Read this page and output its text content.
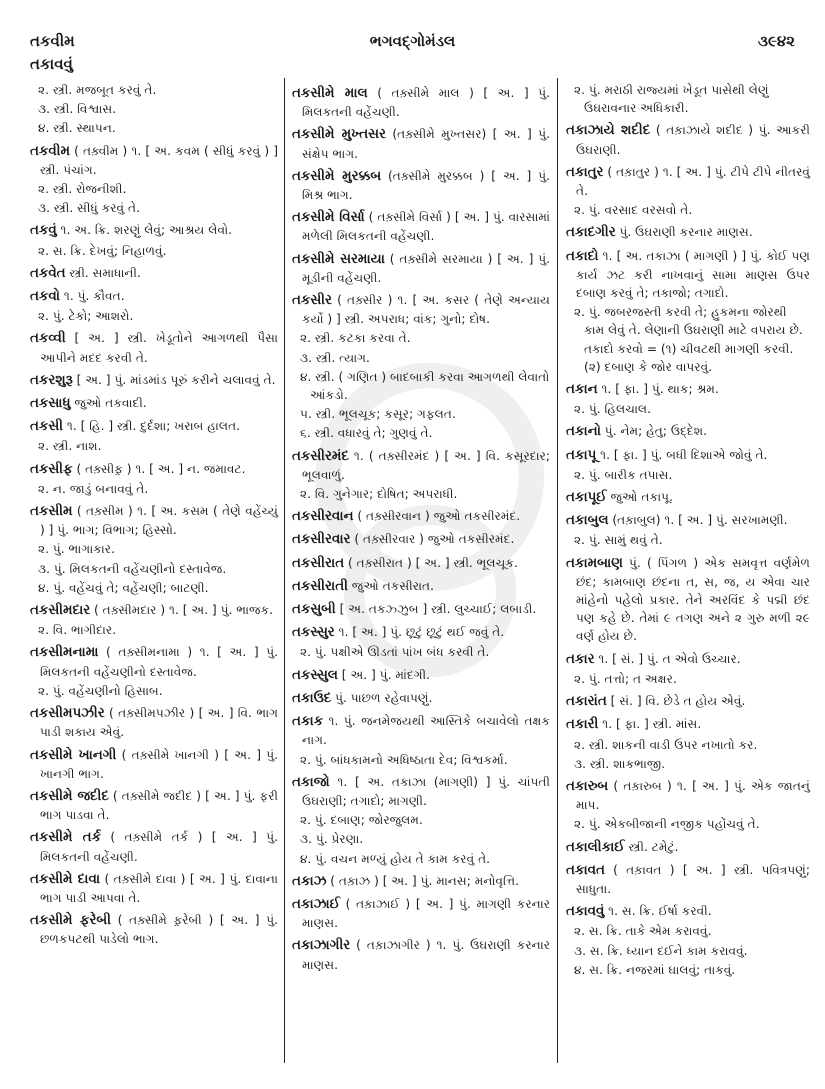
તકવીમ
તકાવવું
ભગવદ્ગોમંડલ	૩૯૪૨
૨. સ્ત્રી. મજબૂત કરવું તે.
૩. સ્ત્રી. વિશ્વાસ.
૪. સ્ત્રી. સ્થાપન.
તકવીમ ( તક઼્વીમ ) ૧. [ અ. કવમ ( સીધું કરવું ) ] સ્ત્રી. પંચાંગ.
૨. સ્ત્રી. રોજનીશી.
૩. સ્ત્રી. સીધું કરવું તે.
તકવું ૧. અ. ક્રિ. શરણું લેવું; આશ્રય લેવો.
૨. સ. ક્રિ. દેખવું; નિહાળવું.
તકવેત સ્ત્રી. સમાધાની.
તકવો ૧. પું. કૌવત.
૨. પું. ટેકો; આશરો.
તકવ્વી [ અ. ] સ્ત્રી. ખેડૂતોને આગળથી પૈસા આપીને મદદ કરવી તે.
તકરશુરૂ [ અ. ] પું. માંડમાંડ પૂરું કરીને ચલાવવું તે.
તકસાધુ જુઓ તકવાદી.
તકસી ૧. [ હિ. ] સ્ત્રી. દુર્દશા; ખરાબ હાલત.
૨. સ્ત્રી. નાશ.
તકસીફ ( તક઼્સીફ઼ ) ૧. [ અ. ] ન. જમાવટ.
૨. ન. જાડું બનાવવું તે.
તકસીમ ( તક઼્સીમ ) ૧. [ અ. કસમ ( તેણે વહેંચ્યું ) ] પું. ભાગ; વિભાગ; હિસ્સો.
૨. પું. ભાગાકાર.
૩. પું. મિલકતની વહેંચણીનો દસ્તાવેજ.
૪. પું. વહેંચવું તે; વહેંચણી; બાટણી.
તકસીમદાર ( તક઼્સીમદાર ) ૧. [ અ. ] પું. ભાજક.
૨. વિ. ભાગીદાર.
તકસીમનામા ( તક઼્સીમનામા ) ૧. [ અ. ] પું. મિલકતની વહેંચણીનો દસ્તાવેજ.
૨. પું. વહેંચણીનો હિસાબ.
તકસીમપઝીર ( તક઼્સીમપઝીર ) [ અ. ] વિ. ભાગ પાડી શકાય એવું.
તકસીમે ખાનગી ( તક઼્સીમે ખાનગી ) [ અ. ] પું. ખાનગી ભાગ.
તકસીમે જદીદ ( તક઼્સીમે જદીદ ) [ અ. ] પું. ફરી ભાગ પાડવા તે.
તકસીમે તર્ક ( તક઼્સીમે તર્ક ) [ અ. ] પું. મિલકતની વહેંચણી.
તકસીમે દાવા ( તક઼્સીમે દાવા ) [ અ. ] પું. દાવાના ભાગ પાડી આપવા તે.
તકસીમે ફરેબી ( તક઼્સીમે ફ઼રેબી ) [ અ. ] પું. છળકપટથી પાડેલો ભાગ.
તકસીમે માલ ( તક઼્સીમે માલ ) [ અ. ] પું. મિલકતની વહેંચણી.
તકસીમે મુખ્તસર (તક઼્સીમે મુખ્તસર) [ અ. ] પું. સંક્ષેપ ભાગ.
તકસીમે મુરક્કબ (તક઼્સીમે મુરક્કબ ) [ અ. ] પું. મિશ્ર ભાગ.
તકસીમે વિર્સા ( તક઼્સીમે વિર્સા ) [ અ. ] પું. વારસામાં મળેલી મિલકતની વહેંચણી.
તકસીમે સરમાયા ( તક઼્સીમે સરમાયા ) [ અ. ] પું. મૂડીની વહેંચણી.
તકસીર ( તક઼્સીર ) ૧. [ અ. કસર ( તેણે અન્યાય કર્યો ) ] સ્ત્રી. અપરાધ; વાંક; ગુનો; દોષ.
૨. સ્ત્રી. કટકા કરવા તે.
૩. સ્ત્રી. ત્યાગ.
૪. સ્ત્રી. ( ગણિત ) બાદબાકી કરવા આગળથી લેવાતો આંકડો.
૫. સ્ત્રી. ભૂલચૂક; કસૂર; ગફલત.
૬. સ્ત્રી. વધારવું તે; ગુણવું તે.
તકસીરમંદ ૧. ( તક઼્સીરમંદ ) [ અ. ] વિ. કસૂરદાર; ભૂલવાળું.
૨. વિ. ગુનેગાર; દોષિત; અપરાધી.
તકસીરવાન ( તક઼્સીરવાન ) જુઓ તકસીરમંદ.
તકસીરવાર ( તક઼્સીરવાર ) જુઓ તકસીરમંદ.
તકસીરાત ( તક઼્સીરાત ) [ અ. ] સ્ત્રી. ભૂલચૂક.
તકસીરાતી જુઓ તકસીરાત.
તકસુબી [ અ. તકઝ્ઝુબ ] સ્ત્રી. લુચ્ચાઈ; લબાડી.
તકસ્સુર ૧. [ અ. ] પું. છૂટું છૂટું થઈ જવું તે.
૨. પું. પક્ષીએ ઊડતાં પાંખ બંધ કરવી તે.
તકસ્સુલ [ અ. ] પું. માંદગી.
તકાઉદ પું. પાછળ રહેવાપણું.
તકાક ૧. પું. જનમેજયથી આસ્તિકે બચાવેલો તક્ષક નાગ.
૨. પું. બાંધકામનો અધિષ્ઠાતા દેવ; વિશ્વકર્મા.
તકાજો ૧. [ અ. તકાઝા (માગણી) ] પું. ચાંપતી ઉઘરાણી; તગાદો; માગણી.
૨. પું. દબાણ; જોરજુલમ.
૩. પું. પ્રેરણા.
૪. પું. વચન મળ્યું હોય તે કામ કરવું તે.
તકાઝ ( તક઼ાઝ ) [ અ. ] પું. માનસ; મનોવૃત્તિ.
તકાઝાઈ ( તક઼ાઝાઈ ) [ અ. ] પું. માગણી કરનાર માણસ.
તકાઝાગીર ( તક઼ાઝાગીર ) ૧. પું. ઉઘરાણી કરનાર માણસ.
૨. પું. મરાઠી રાજ્યમાં ખેડૂત પાસેથી લેણું ઉઘરાવનાર અધિકારી.
તકાઝાયે શદીદ ( તક઼ાઝાયે શદીદ ) પું. આકરી ઉઘરાણી.
તકાતુર ( તક઼ાતુર ) ૧. [ અ. ] પું. ટીપે ટીપે નીતરવું તે.
૨. પું. વરસાદ વરસવો તે.
તકાદગીર પું. ઉઘરાણી કરનાર માણસ.
તકાદો ૧. [ અ. તકાઝા ( માગણી ) ] પું. કોઈ પણ કાર્ય ઝટ કરી નાખવાનું સામા માણસ ઉપર દબાણ કરવું તે; તકાજો; તગાદો.
૨. પું. જબરજસ્તી કરવી તે; હુકમના જોરથી કામ લેવું તે. લેણાની ઉઘરાણી માટે વપરાય છે. તકાદો કરવો = (૧) ચીવટથી માગણી કરવી. (૨) દબાણ કે જોર વાપરવું.
તકાન ૧. [ ફા. ] પું. થાક; શ્રમ.
૨. પું. હિલચાલ.
તકાનો પું. નેમ; હેતુ; ઉદ્દેશ.
તકાપૂ ૧. [ ફા. ] પું. બધી દિશાએ જોવું તે.
૨. પું. બારીક તપાસ.
તકાપૂઈ જુઓ તકાપૂ.
તકાબુલ (તક઼ાબુલ) ૧. [ અ. ] પું. સરખામણી.
૨. પું. સામું થવું તે.
તકામબાણ પું. ( પિંગળ ) એક સમવૃત્ત વર્ણમેળ છંદ; કામબાણ છંદના ત, સ, જ, ય એવા ચાર માંહેનો પહેલો પ્રકાર. તેને અરવિંદ કે પદ્મી છંદ પણ કહે છે. તેમાં ૯ તગણ અને ૨ ગુરુ મળી ૨૯ વર્ણ હોય છે.
તકાર ૧. [ સં. ] પું. ત એવો ઉચ્ચાર.
૨. પું. તત્તો; ત અક્ષર.
તકારાંત [ સં. ] વિ. છેડે ત હોય એવું.
તકારી ૧. [ ફા. ] સ્ત્રી. માંસ.
૨. સ્ત્રી. શાકની વાડી ઉપર નખાતો કર.
૩. સ્ત્રી. શાકભાજી.
તકારુબ ( તક઼ારુબ ) ૧. [ અ. ] પું. એક જાતનું માપ.
૨. પું. એકબીજાની નજીક પહોંચવું તે.
તકાલીકાઈ સ્ત્રી. ટમેટું.
તકાવત ( તક઼ાવત ) [ અ. ] સ્ત્રી. પવિત્રપણું; સાધુતા.
તકાવવું ૧. સ. ક્રિ. ઈર્ષા કરવી.
૨. સ. ક્રિ. તાકે એમ કરાવવું.
૩. સ. ક્રિ. ધ્યાન દઈને કામ કરાવવું.
૪. સ. ક્રિ. નજરમાં ઘાલવું; તાકવું.
